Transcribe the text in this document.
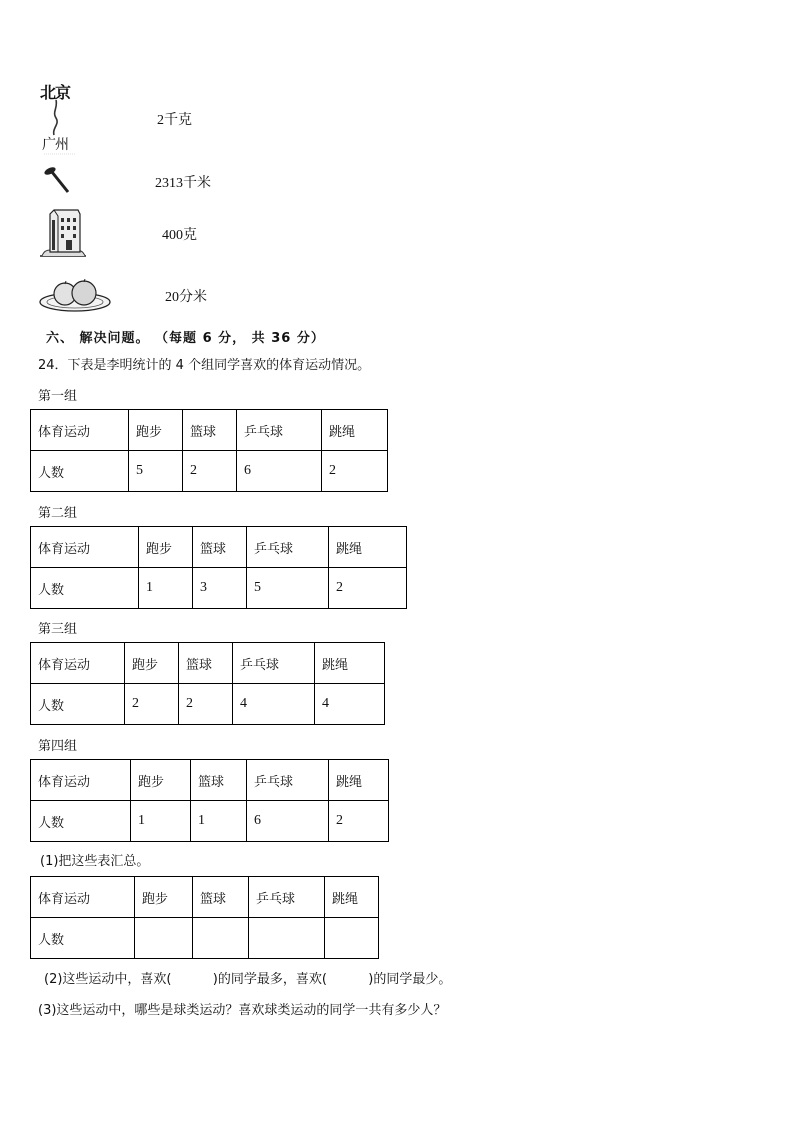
北京
广州
2千克
2313千米
400克
20分米
六、 解决问题。 （每题 6 分， 共 36 分）
24．下表是李明统计的 4 个组同学喜欢的体育运动情况。
第一组
体育运动	跑步	篮球	乒乓球	跳绳
人数	5	2	6	2
第二组
体育运动	跑步	篮球	乒乓球	跳绳
人数	1	3	5	2
第三组
体育运动	跑步	篮球	乒乓球	跳绳
人数	2	2	4	4
第四组
体育运动	跑步	篮球	乒乓球	跳绳
人数	1	1	6	2
(1)把这些表汇总。
体育运动	跑步	篮球	乒乓球	跳绳
人数				
(2)这些运动中，喜欢(          )的同学最多，喜欢(          )的同学最少。
(3)这些运动中，哪些是球类运动？喜欢球类运动的同学一共有多少人？
